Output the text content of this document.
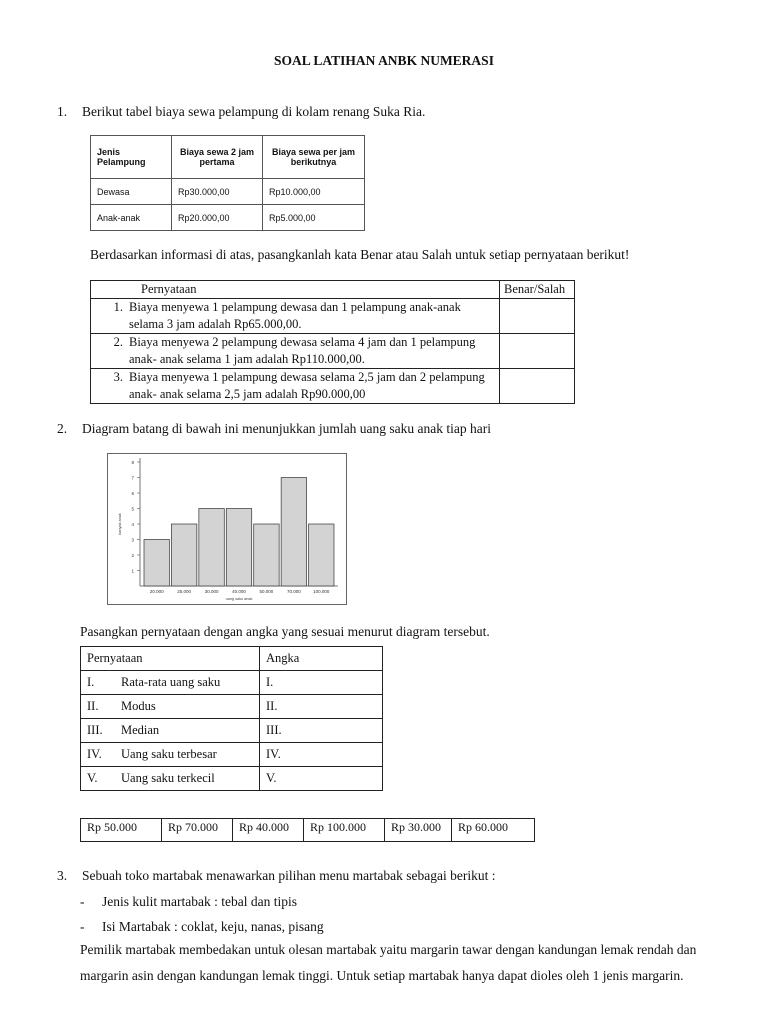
SOAL LATIHAN ANBK NUMERASI
1. Berikut tabel biaya sewa pelampung di kolam renang Suka Ria.
Jenis Pelampung	Biaya sewa 2 jam pertama	Biaya sewa per jam berikutnya
Dewasa	Rp30.000,00	Rp10.000,00
Anak-anak	Rp20.000,00	Rp5.000,00
Berdasarkan informasi di atas, pasangkanlah kata Benar atau Salah untuk setiap pernyataan berikut!
Pernyataan	Benar/Salah
1. Biaya menyewa 1 pelampung dewasa dan 1 pelampung anak-anak selama 3 jam adalah Rp65.000,00.	
2. Biaya menyewa 2 pelampung dewasa selama 4 jam dan 1 pelampung anak- anak selama 1 jam adalah Rp110.000,00.	
3. Biaya menyewa 1 pelampung dewasa selama 2,5 jam dan 2 pelampung anak- anak selama 2,5 jam adalah Rp90.000,00	
2. Diagram batang di bawah ini menunjukkan jumlah uang saku anak tiap hari
1
2
3
4
5
6
7
8
20.000	25.000	30.000	40.000	50.000	70.000	100.000
uang saku anak
banyak anak
Pasangkan pernyataan dengan angka yang sesuai menurut diagram tersebut.
Pernyataan	Angka
I. Rata-rata uang saku	I.
II. Modus	II.
III. Median	III.
IV. Uang saku terbesar	IV.
V. Uang saku terkecil	V.
Rp 50.000	Rp 70.000	Rp 40.000	Rp 100.000	Rp 30.000	Rp 60.000
3. Sebuah toko martabak menawarkan pilihan menu martabak sebagai berikut :
- Jenis kulit martabak : tebal dan tipis
- Isi Martabak : coklat, keju, nanas, pisang
Pemilik martabak membedakan untuk olesan martabak yaitu margarin tawar dengan kandungan lemak rendah dan margarin asin dengan kandungan lemak tinggi. Untuk setiap martabak hanya dapat dioles oleh 1 jenis margarin.
